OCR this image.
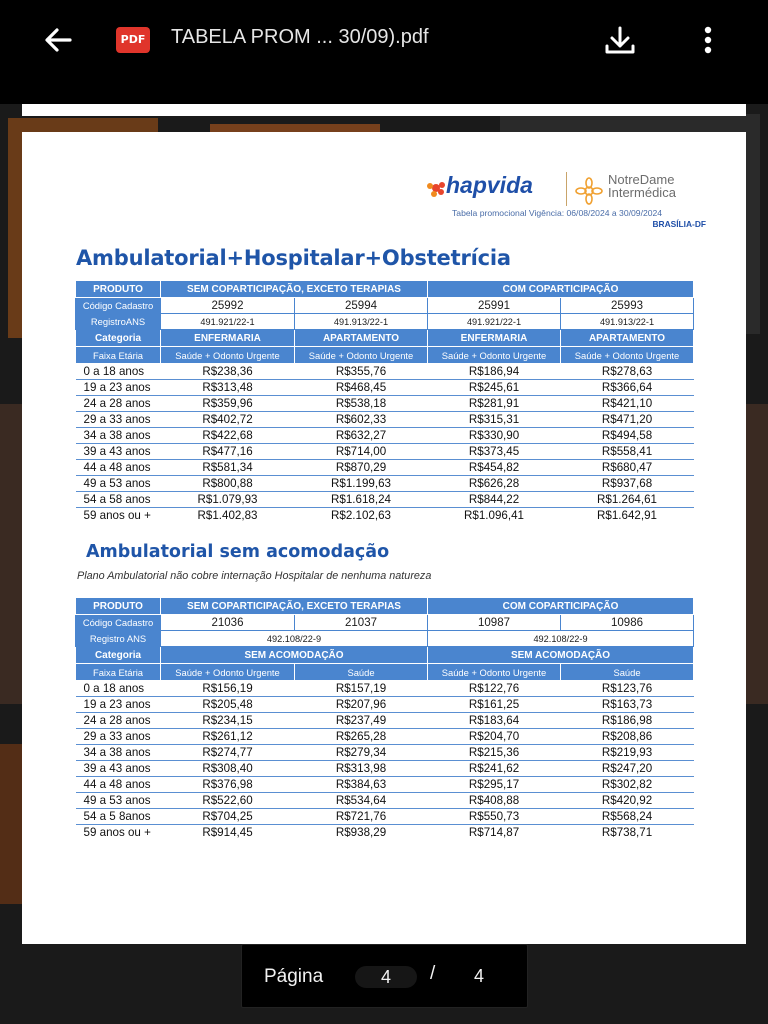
PDF TABELA PROM ... 30/09).pdf
hapvida	NotreDame
Intermédica
Tabela promocional Vigência: 06/08/2024 a 30/09/2024
BRASÍLIA-DF
Ambulatorial+Hospitalar+Obstetrícia
PRODUTO	SEM COPARTICIPAÇÃO, EXCETO TERAPIAS		COM COPARTICIPAÇÃO	
Código Cadastro	25992	25994	25991	25993
RegistroANS	491.921/22-1	491.913/22-1	491.921/22-1	491.913/22-1
Categoria	ENFERMARIA	APARTAMENTO	ENFERMARIA	APARTAMENTO
Faixa Etária	Saúde + Odonto Urgente	Saúde + Odonto Urgente	Saúde + Odonto Urgente	Saúde + Odonto Urgente
0 a 18 anos	R$238,36	R$355,76	R$186,94	R$278,63
19 a 23 anos	R$313,48	R$468,45	R$245,61	R$366,64
24 a 28 anos	R$359,96	R$538,18	R$281,91	R$421,10
29 a 33 anos	R$402,72	R$602,33	R$315,31	R$471,20
34 a 38 anos	R$422,68	R$632,27	R$330,90	R$494,58
39 a 43 anos	R$477,16	R$714,00	R$373,45	R$558,41
44 a 48 anos	R$581,34	R$870,29	R$454,82	R$680,47
49 a 53 anos	R$800,88	R$1.199,63	R$626,28	R$937,68
54 a 58 anos	R$1.079,93	R$1.618,24	R$844,22	R$1.264,61
59 anos ou +	R$1.402,83	R$2.102,63	R$1.096,41	R$1.642,91
Ambulatorial sem acomodação
Plano Ambulatorial não cobre internação Hospitalar de nenhuma natureza
PRODUTO	SEM COPARTICIPAÇÃO, EXCETO TERAPIAS		COM COPARTICIPAÇÃO	
Código Cadastro	21036	21037	10987	10986
Registro ANS	492.108/22-9		492.108/22-9	
Categoria	SEM ACOMODAÇÃO		SEM ACOMODAÇÃO	
Faixa Etária	Saúde + Odonto Urgente	Saúde	Saúde + Odonto Urgente	Saúde
0 a 18 anos	R$156,19	R$157,19	R$122,76	R$123,76
19 a 23 anos	R$205,48	R$207,96	R$161,25	R$163,73
24 a 28 anos	R$234,15	R$237,49	R$183,64	R$186,98
29 a 33 anos	R$261,12	R$265,28	R$204,70	R$208,86
34 a 38 anos	R$274,77	R$279,34	R$215,36	R$219,93
39 a 43 anos	R$308,40	R$313,98	R$241,62	R$247,20
44 a 48 anos	R$376,98	R$384,63	R$295,17	R$302,82
49 a 53 anos	R$522,60	R$534,64	R$408,88	R$420,92
54 a 5 8anos	R$704,25	R$721,76	R$550,73	R$568,24
59 anos ou +	R$914,45	R$938,29	R$714,87	R$738,71
Página	4	/ 4
